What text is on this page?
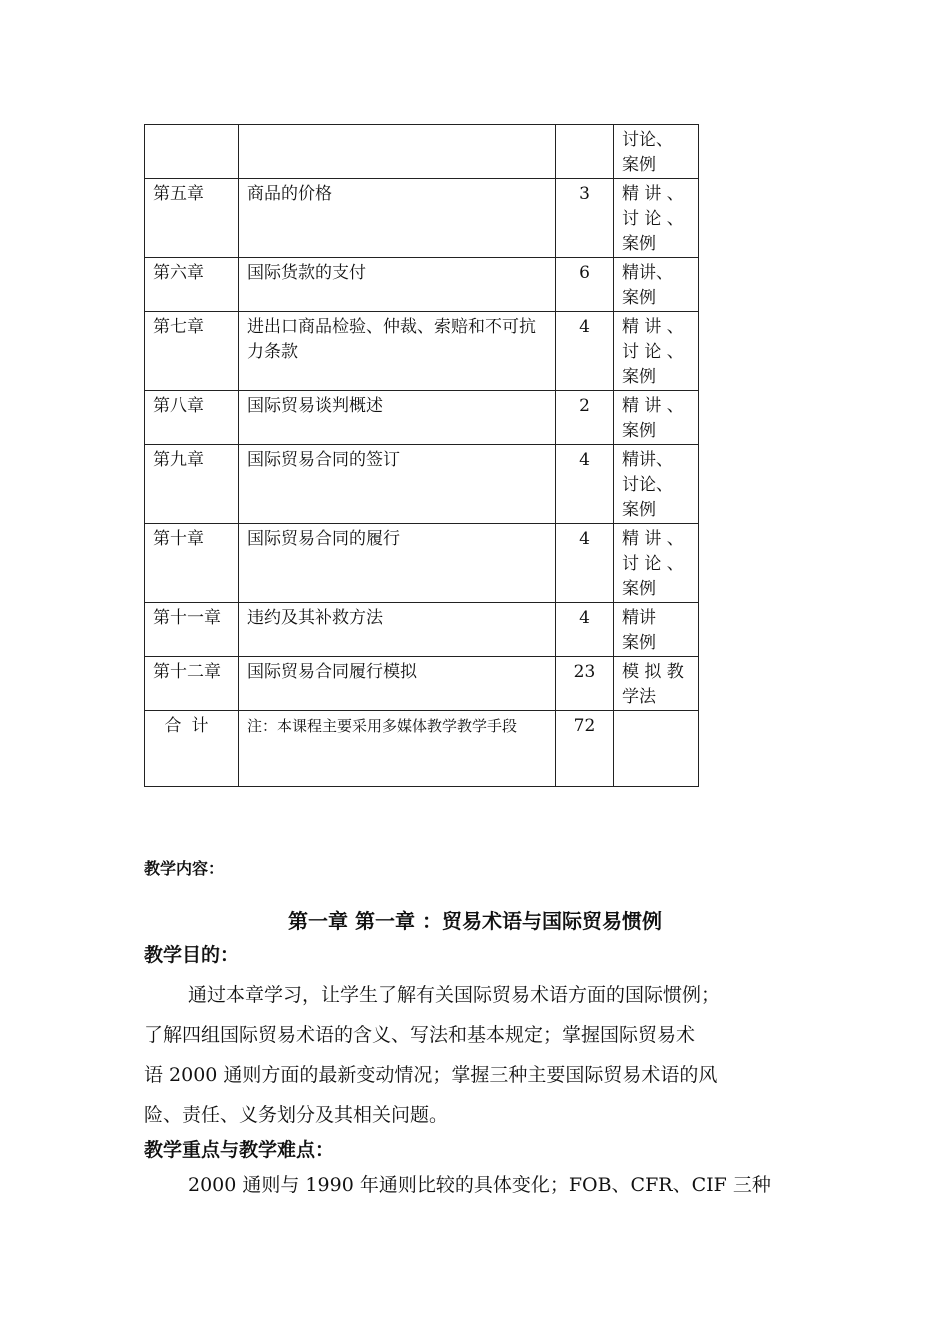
			讨论、
案例

第五章	商品的价格	3	精 讲 、
讨 论 、
案例

第六章	国际货款的支付	6	精讲、
案例

第七章	进出口商品检验、仲裁、索赔和不可抗力条款	4	精 讲 、
讨 论 、
案例

第八章	国际贸易谈判概述	2	精 讲 、
案例

第九章	国际贸易合同的签订	4	精讲、
讨论、
案例

第十章	国际贸易合同的履行	4	精 讲 、
讨 论 、
案例

第十一章	违约及其补救方法	4	精讲
案例

第十二章	国际贸易合同履行模拟	23	模 拟 教
学法

合计	注：本课程主要采用多媒体教学教学手段	72	
教学内容：
第一章 第一章 ：贸易术语与国际贸易惯例
教学目的：
通过本章学习，让学生了解有关国际贸易术语方面的国际惯例；
了解四组国际贸易术语的含义、写法和基本规定；掌握国际贸易术
语 2000 通则方面的最新变动情况；掌握三种主要国际贸易术语的风
险、责任、义务划分及其相关问题。
教学重点与教学难点：
2000 通则与 1990 年通则比较的具体变化；FOB、CFR、CIF 三种
